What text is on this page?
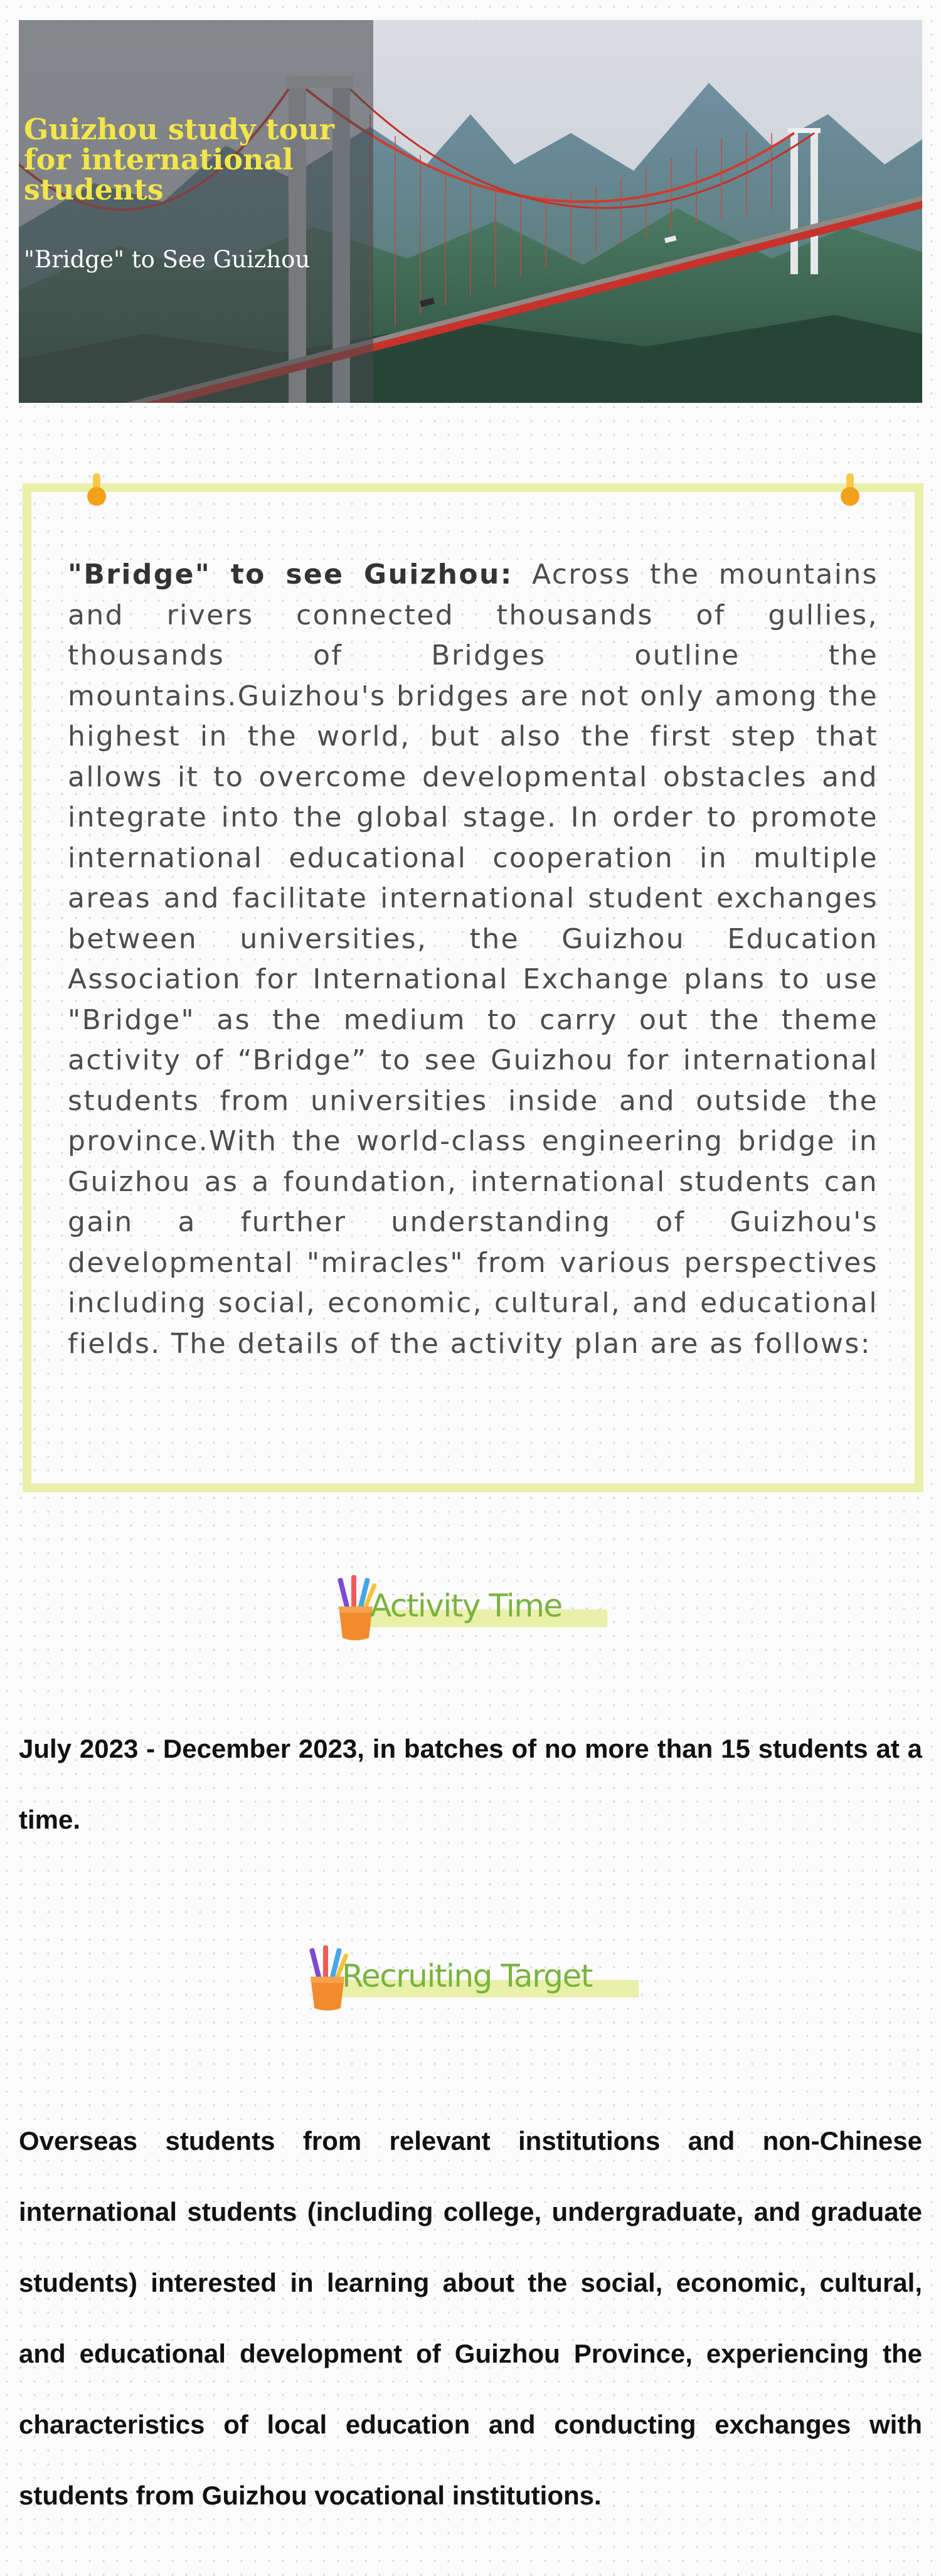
Guizhou study tour for international students

"Bridge" to See Guizhou

"Bridge" to see Guizhou: Across the mountains and rivers connected thousands of gullies, thousands of Bridges outline the mountains.Guizhou's bridges are not only among the highest in the world, but also the first step that allows it to overcome developmental obstacles and integrate into the global stage. In order to promote international educational cooperation in multiple areas and facilitate international student exchanges between universities, the Guizhou Education Association for International Exchange plans to use "Bridge" as the medium to carry out the theme activity of “Bridge” to see Guizhou for international students from universities inside and outside the province.With the world-class engineering bridge in Guizhou as a foundation, international students can gain a further understanding of Guizhou's developmental "miracles" from various perspectives including social, economic, cultural, and educational fields. The details of the activity plan are as follows:

Activity Time

July 2023 - December 2023, in batches of no more than 15 students at a time.

Recruiting Target

Overseas students from relevant institutions and non-Chinese international students (including college, undergraduate, and graduate students) interested in learning about the social, economic, cultural, and educational development of Guizhou Province, experiencing the characteristics of local education and conducting exchanges with students from Guizhou vocational institutions.
